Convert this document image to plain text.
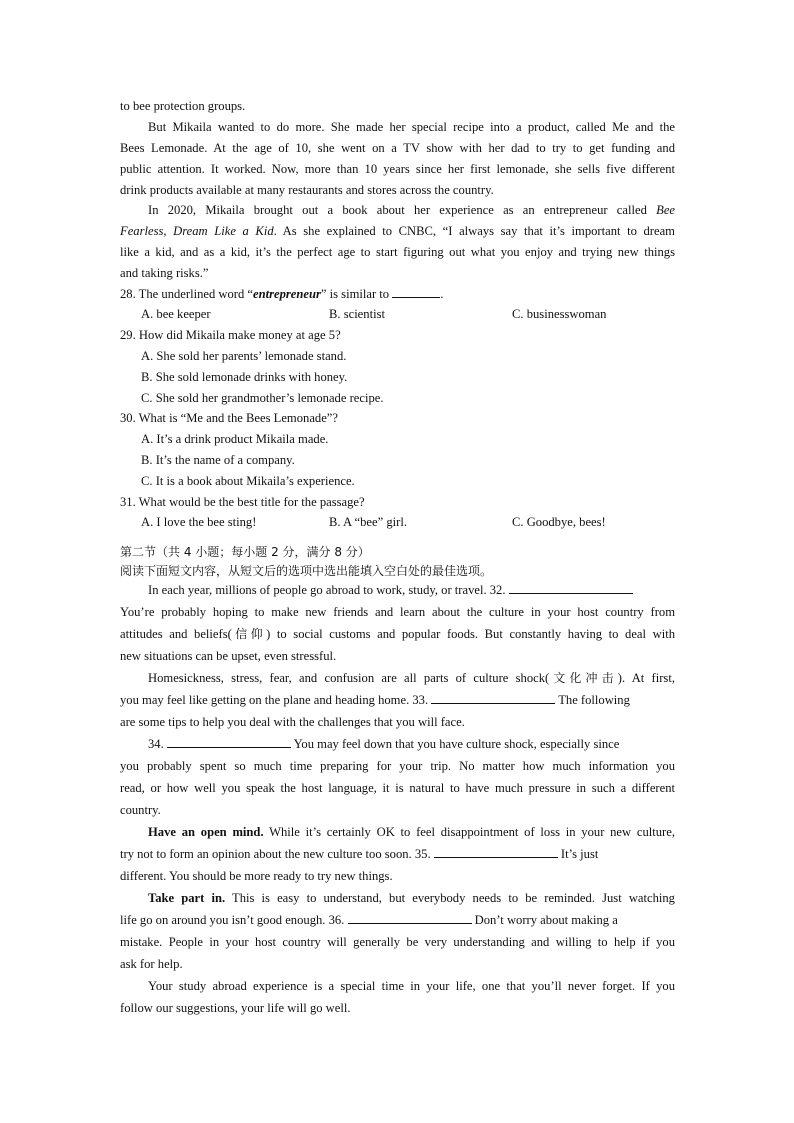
to bee protection groups.
But Mikaila wanted to do more. She made her special recipe into a product, called Me and the
Bees Lemonade. At the age of 10, she went on a TV show with her dad to try to get funding and
public attention. It worked. Now, more than 10 years since her first lemonade, she sells five different
drink products available at many restaurants and stores across the country.
In 2020, Mikaila brought out a book about her experience as an entrepreneur called Bee
Fearless, Dream Like a Kid. As she explained to CNBC, “I always say that it’s important to dream
like a kid, and as a kid, it’s the perfect age to start figuring out what you enjoy and trying new things
and taking risks.”
28. The underlined word “entrepreneur” is similar to	.
A. bee keeper	B. scientist	C. businesswoman
29. How did Mikaila make money at age 5?
A. She sold her parents’ lemonade stand.
B. She sold lemonade drinks with honey.
C. She sold her grandmother’s lemonade recipe.
30. What is “Me and the Bees Lemonade”?
A. It’s a drink product Mikaila made.
B. It’s the name of a company.
C. It is a book about Mikaila’s experience.
31. What would be the best title for the passage?
A. I love the bee sting!	B. A “bee” girl.	C. Goodbye, bees!
第二节（共 4 小题；每小题 2 分，满分 8 分）
阅读下面短文内容，从短文后的选项中选出能填入空白处的最佳选项。
In each year, millions of people go abroad to work, study, or travel. 32.
You’re probably hoping to make new friends and learn about the culture in your host country from
attitudes and beliefs(信仰) to social customs and popular foods. But constantly having to deal with
new situations can be upset, even stressful.
Homesickness, stress, fear, and confusion are all parts of culture shock(文化冲击). At first,
you may feel like getting on the plane and heading home. 33.	The following
are some tips to help you deal with the challenges that you will face.
34.	You may feel down that you have culture shock, especially since
you probably spent so much time preparing for your trip. No matter how much information you
read, or how well you speak the host language, it is natural to have much pressure in such a different
country.
Have an open mind. While it’s certainly OK to feel disappointment of loss in your new culture,
try not to form an opinion about the new culture too soon. 35.	It’s just
different. You should be more ready to try new things.
Take part in. This is easy to understand, but everybody needs to be reminded. Just watching
life go on around you isn’t good enough. 36.	Don’t worry about making a
mistake. People in your host country will generally be very understanding and willing to help if you
ask for help.
Your study abroad experience is a special time in your life, one that you’ll never forget. If you
follow our suggestions, your life will go well.
